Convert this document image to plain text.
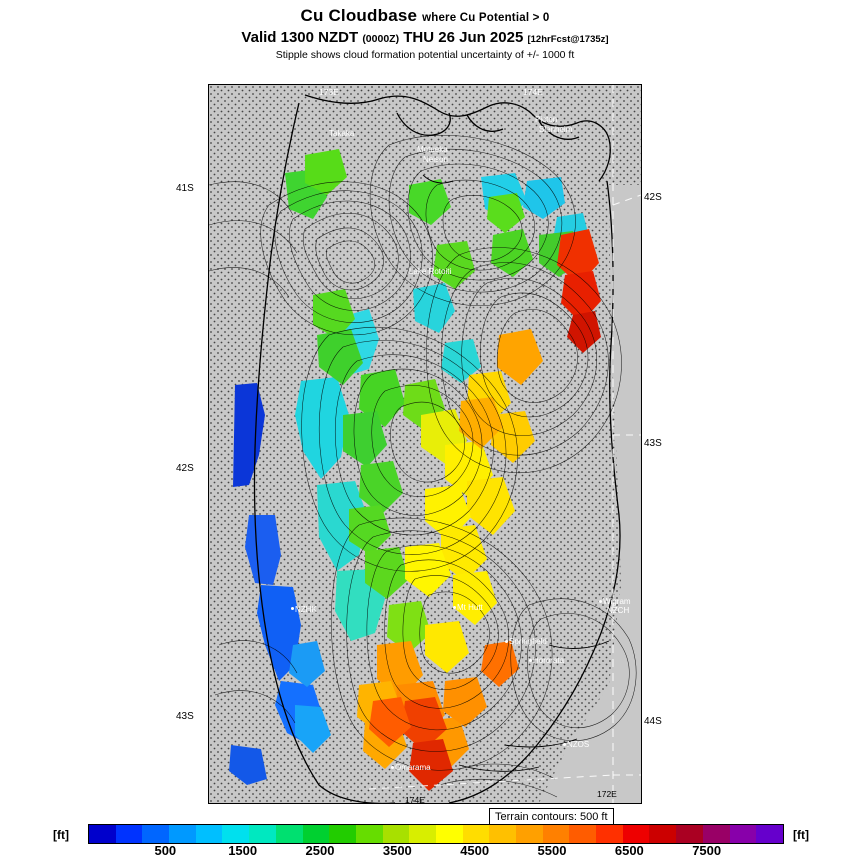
Cu Cloudbase where Cu Potential > 0
Valid 1300 NZDT (0000Z) THU 26 Jun 2025 [12hrFcst@1735z]
Stipple shows cloud formation potential uncertainty of +/- 1000 ft
41S
42S
43S
42S
43S
44S
173E	174E
172E
174E
Takaka
Motueka
Nelson
Picton
Blenheim
Lake Rotoiti
NZHK	Mt Hutt
Springfield
Hororata
Wigram
NZCH
NZOS
Omarama
Terrain contours: 500 ft
[ft]	[ft]
500	1500	2500	3500	4500	5500	6500	7500
